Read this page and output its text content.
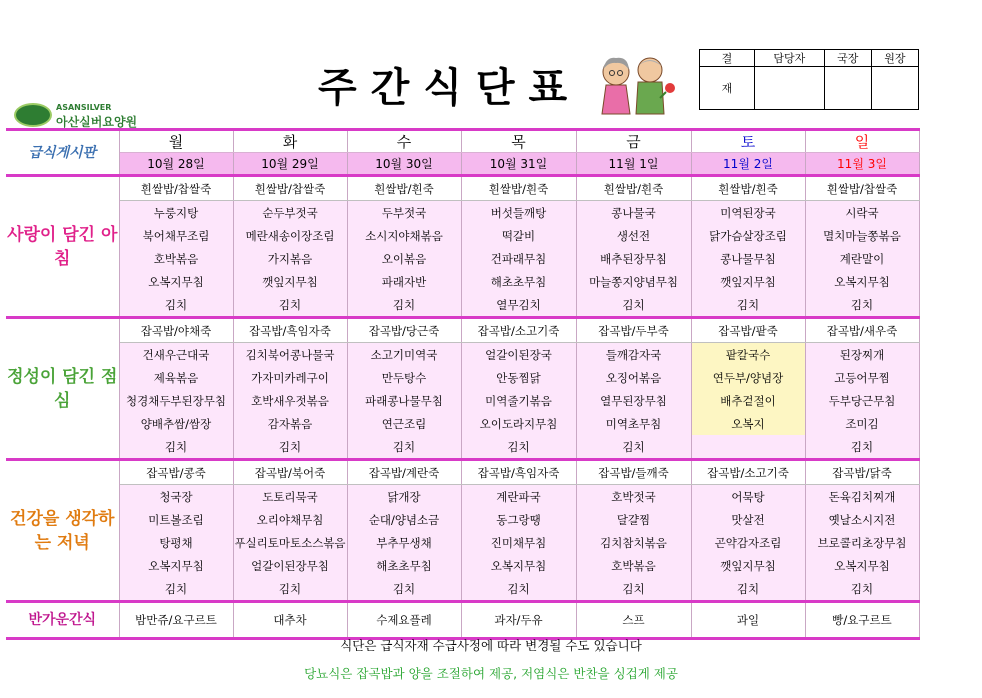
주간식단표
ASANSILVER
아산실버요양원
결	담당자	국장	원장
재			
급식게시판	월	화	수	목	금	토	일
	10월 28일	10월 29일	10월 30일	10월 31일	11월 1일	11월 2일	11월 3일
사랑이 담긴 아침	흰쌀밥/찹쌀죽	흰쌀밥/찹쌀죽	흰쌀밥/흰죽	흰쌀밥/흰죽	흰쌀밥/흰죽	흰쌀밥/흰죽	흰쌀밥/찹쌀죽
	누룽지탕	순두부젓국	두부젓국	버섯들깨탕	콩나물국	미역된장국	시락국
	북어채무조림	메란새송이장조림	소시지야채볶음	떡갈비	생선전	닭가슴살장조림	멸치마늘쫑볶음
	호박볶음	가지볶음	오이볶음	건파래무침	배추된장무침	콩나물무침	계란말이
	오복지무침	깻잎지무침	파래자반	해초초무침	마늘쫑지양념무침	깻잎지무침	오복지무침
	김치	김치	김치	열무김치	김치	김치	김치
정성이 담긴 점심	잡곡밥/야채죽	잡곡밥/흑임자죽	잡곡밥/당근죽	잡곡밥/소고기죽	잡곡밥/두부죽	잡곡밥/팥죽	잡곡밥/새우죽
	건새우근대국	김치북어콩나물국	소고기미역국	얼갈이된장국	들깨감자국	팥칼국수	된장찌개
	제육볶음	가자미카레구이	만두탕수	안동찜닭	오징어볶음	연두부/양념장	고등어무찜
	청경채두부된장무침	호박새우젓볶음	파래콩나물무침	미역줄기볶음	열무된장무침	배추겉절이	두부당근무침
	양배추쌈/쌈장	감자볶음	연근조림	오이도라지무침	미역초무침	오복지	조미김
	김치	김치	김치	김치	김치		김치
건강을 생각하는 저녁	잡곡밥/콩죽	잡곡밥/북어죽	잡곡밥/계란죽	잡곡밥/흑임자죽	잡곡밥/들깨죽	잡곡밥/소고기죽	잡곡밥/닭죽
	청국장	도토리묵국	닭개장	계란파국	호박젓국	어묵탕	돈육김치찌개
	미트볼조림	오리야채무침	순대/양념소금	동그랑땡	달걀찜	맛살전	옛날소시지전
	탕평채	푸실리토마토소스볶음	부추무생채	진미채무침	김치참치볶음	곤약감자조림	브로콜리초장무침
	오복지무침	얼갈이된장무침	해초초무침	오복지무침	호박볶음	깻잎지무침	오복지무침
	김치	김치	김치	김치	김치	김치	김치
반가운간식	밤만쥬/요구르트	대추차	수제요플레	과자/두유	스프	과일	빵/요구르트
식단은 급식자재 수급사정에 따라 변경될 수도 있습니다
당뇨식은 잡곡밥과 양을 조절하여 제공, 저염식은 반찬을 싱겁게 제공
